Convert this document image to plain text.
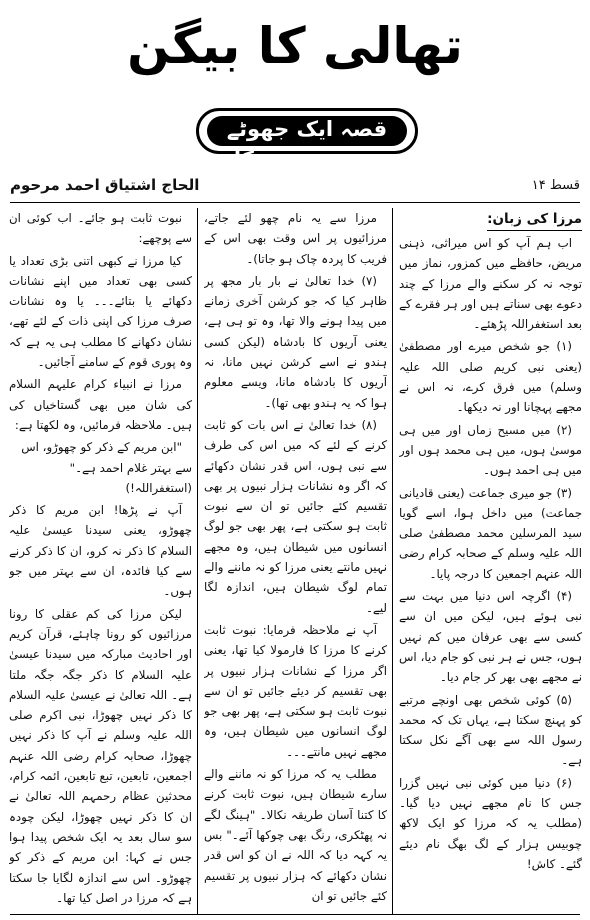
تھالی کا بیگن
قصہ ایک جھوٹے مدعیِ نبوت کا
قسط ۱۴
الحاج اشتیاق احمد مرحوم
مرزا کی زبان:

اب ہم آپ کو اس میراثی، ذہنی مریض، حافظے میں کمزور، نماز میں توجہ نہ کر سکنے والے مرزا کے چند دعوے بھی سناتے ہیں اور ہر فقرے کے بعد استغفراللہ پڑھئے۔

(۱) جو شخص میرے اور مصطفیٰ (یعنی نبی کریم صلی اللہ علیہ وسلم) میں فرق کرے، نہ اس نے مجھے پہچانا اور نہ دیکھا۔

(۲) میں مسیح زماں اور میں ہی موسیٰ ہوں، میں ہی محمد ہوں اور میں ہی احمد ہوں۔

(۳) جو میری جماعت (یعنی قادیانی جماعت) میں داخل ہوا، اسے گویا سید المرسلین محمد مصطفیٰ صلی اللہ علیہ وسلم کے صحابہ کرام رضی اللہ عنہم اجمعین کا درجہ پایا۔

(۴) اگرچہ اس دنیا میں بہت سے نبی ہوئے ہیں، لیکن میں ان سے کسی سے بھی عرفان میں کم نہیں ہوں، جس نے ہر نبی کو جام دیا، اس نے مجھے بھی بھر کر جام دیا۔

(۵) کوئی شخص بھی اونچے مرتبے کو پہنچ سکتا ہے، یہاں تک کہ محمد رسول اللہ سے بھی آگے نکل سکتا ہے۔

(۶) دنیا میں کوئی نبی نہیں گزرا جس کا نام مجھے نہیں دیا گیا۔ (مطلب یہ کہ مرزا کو ایک لاکھ چوبیس ہزار کے لگ بھگ نام دیئے گئے۔ کاش!

مرزا سے یہ نام چھو لئے جاتے، مرزائیوں پر اس وقت بھی اس کے فریب کا پردہ چاک ہو جاتا)۔

(۷) خدا تعالیٰ نے بار بار مجھ پر ظاہر کیا کہ جو کرشن آخری زمانے میں پیدا ہونے والا تھا، وہ تو ہی ہے، یعنی آریوں کا بادشاہ (لیکن کسی ہندو نے اسے کرشن نہیں مانا، نہ آریوں کا بادشاہ مانا، ویسے معلوم ہوا کہ یہ ہندو بھی تھا)۔

(۸) خدا تعالیٰ نے اس بات کو ثابت کرنے کے لئے کہ میں اس کی طرف سے نبی ہوں، اس قدر نشان دکھائے کہ اگر وہ نشانات ہزار نبیوں پر بھی تقسیم کئے جائیں تو ان سے نبوت ثابت ہو سکتی ہے، پھر بھی جو لوگ انسانوں میں شیطان ہیں، وہ مجھے نہیں مانتے یعنی مرزا کو نہ ماننے والے تمام لوگ شیطان ہیں، اندازہ لگا لیے۔

آپ نے ملاحظہ فرمایا: نبوت ثابت کرنے کا مرزا کا فارمولا کیا تھا، یعنی اگر مرزا کے نشانات ہزار نبیوں پر بھی تقسیم کر دیئے جائیں تو ان سے نبوت ثابت ہو سکتی ہے، پھر بھی جو لوگ انسانوں میں شیطان ہیں، وہ مجھے نہیں مانتے۔۔۔

مطلب یہ کہ مرزا کو نہ ماننے والے سارے شیطان ہیں، نبوت ثابت کرنے کا کتنا آسان طریقہ نکالا۔ "ہینگ لگے نہ پھٹکری، رنگ بھی چوکھا آئے۔" بس یہ کہہ دیا کہ اللہ نے ان کو اس قدر نشان دکھائے کہ ہزار نبیوں پر تقسیم کئے جائیں تو ان

نبوت ثابت ہو جائے۔ اب کوئی ان سے پوچھے:

کیا مرزا نے کبھی اتنی بڑی تعداد یا کسی بھی تعداد میں اپنے نشانات دکھائے یا بتائے۔۔۔ یا وہ نشانات صرف مرزا کی اپنی ذات کے لئے تھے، نشان دکھانے کا مطلب ہی یہ ہے کہ وہ پوری قوم کے سامنے آجائیں۔

مرزا نے انبیاء کرام علیہم السلام کی شان میں بھی گستاخیاں کی ہیں۔ ملاحظہ فرمائیں، وہ لکھتا ہے:

"ابن مریم کے ذکر کو چھوڑو، اس سے بہتر غلام احمد ہے۔" (استغفراللہ!)

آپ نے پڑھا! ابن مریم کا ذکر چھوڑو، یعنی سیدنا عیسیٰ علیہ السلام کا ذکر نہ کرو، ان کا ذکر کرنے سے کیا فائدہ، ان سے بہتر میں جو ہوں۔

لیکن مرزا کی کم عقلی کا رونا مرزائیوں کو رونا چاہئے، قرآن کریم اور احادیث مبارکہ میں سیدنا عیسیٰ علیہ السلام کا ذکر جگہ جگہ ملتا ہے۔ اللہ تعالیٰ نے عیسیٰ علیہ السلام کا ذکر نہیں چھوڑا، نبی اکرم صلی اللہ علیہ وسلم نے آپ کا ذکر نہیں چھوڑا، صحابہ کرام رضی اللہ عنہم اجمعین، تابعین، تبع تابعین، ائمہ کرام، محدثین عظام رحمہم اللہ تعالیٰ نے ان کا ذکر نہیں چھوڑا، لیکن چودہ سو سال بعد یہ ایک شخص پیدا ہوا جس نے کہا: ابن مریم کے ذکر کو چھوڑو۔ اس سے اندازہ لگایا جا سکتا ہے کہ مرزا در اصل کیا تھا۔
